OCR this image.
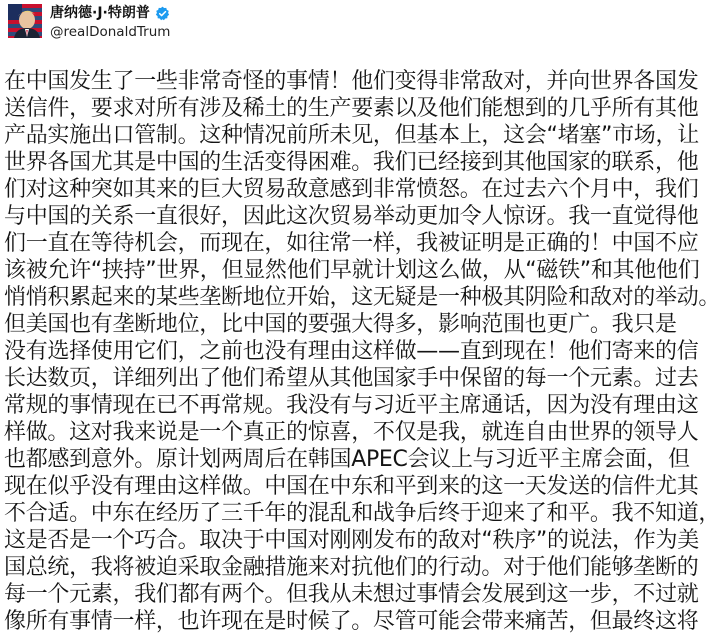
唐纳德·J·特朗普
@realDonaldTrum
在中国发生了一些非常奇怪的事情！他们变得非常敌对，并向世界各国发
送信件，要求对所有涉及稀土的生产要素以及他们能想到的几乎所有其他
产品实施出口管制。这种情况前所未见，但基本上，这会“堵塞”市场，让
世界各国尤其是中国的生活变得困难。我们已经接到其他国家的联系，他
们对这种突如其来的巨大贸易敌意感到非常愤怒。在过去六个月中，我们
与中国的关系一直很好，因此这次贸易举动更加令人惊讶。我一直觉得他
们一直在等待机会，而现在，如往常一样，我被证明是正确的！中国不应
该被允许“挟持”世界，但显然他们早就计划这么做，从“磁铁”和其他他们
悄悄积累起来的某些垄断地位开始，这无疑是一种极其阴险和敌对的举动。
但美国也有垄断地位，比中国的要强大得多，影响范围也更广。我只是
没有选择使用它们，之前也没有理由这样做——直到现在！他们寄来的信
长达数页，详细列出了他们希望从其他国家手中保留的每一个元素。过去
常规的事情现在已不再常规。我没有与习近平主席通话，因为没有理由这
样做。这对我来说是一个真正的惊喜，不仅是我，就连自由世界的领导人
也都感到意外。原计划两周后在韩国APEC会议上与习近平主席会面，但
现在似乎没有理由这样做。中国在中东和平到来的这一天发送的信件尤其
不合适。中东在经历了三千年的混乱和战争后终于迎来了和平。我不知道，
这是否是一个巧合。取决于中国对刚刚发布的敌对“秩序”的说法，作为美
国总统，我将被迫采取金融措施来对抗他们的行动。对于他们能够垄断的
每一个元素，我们都有两个。但我从未想过事情会发展到这一步，不过就
像所有事情一样，也许现在是时候了。尽管可能会带来痛苦，但最终这将
